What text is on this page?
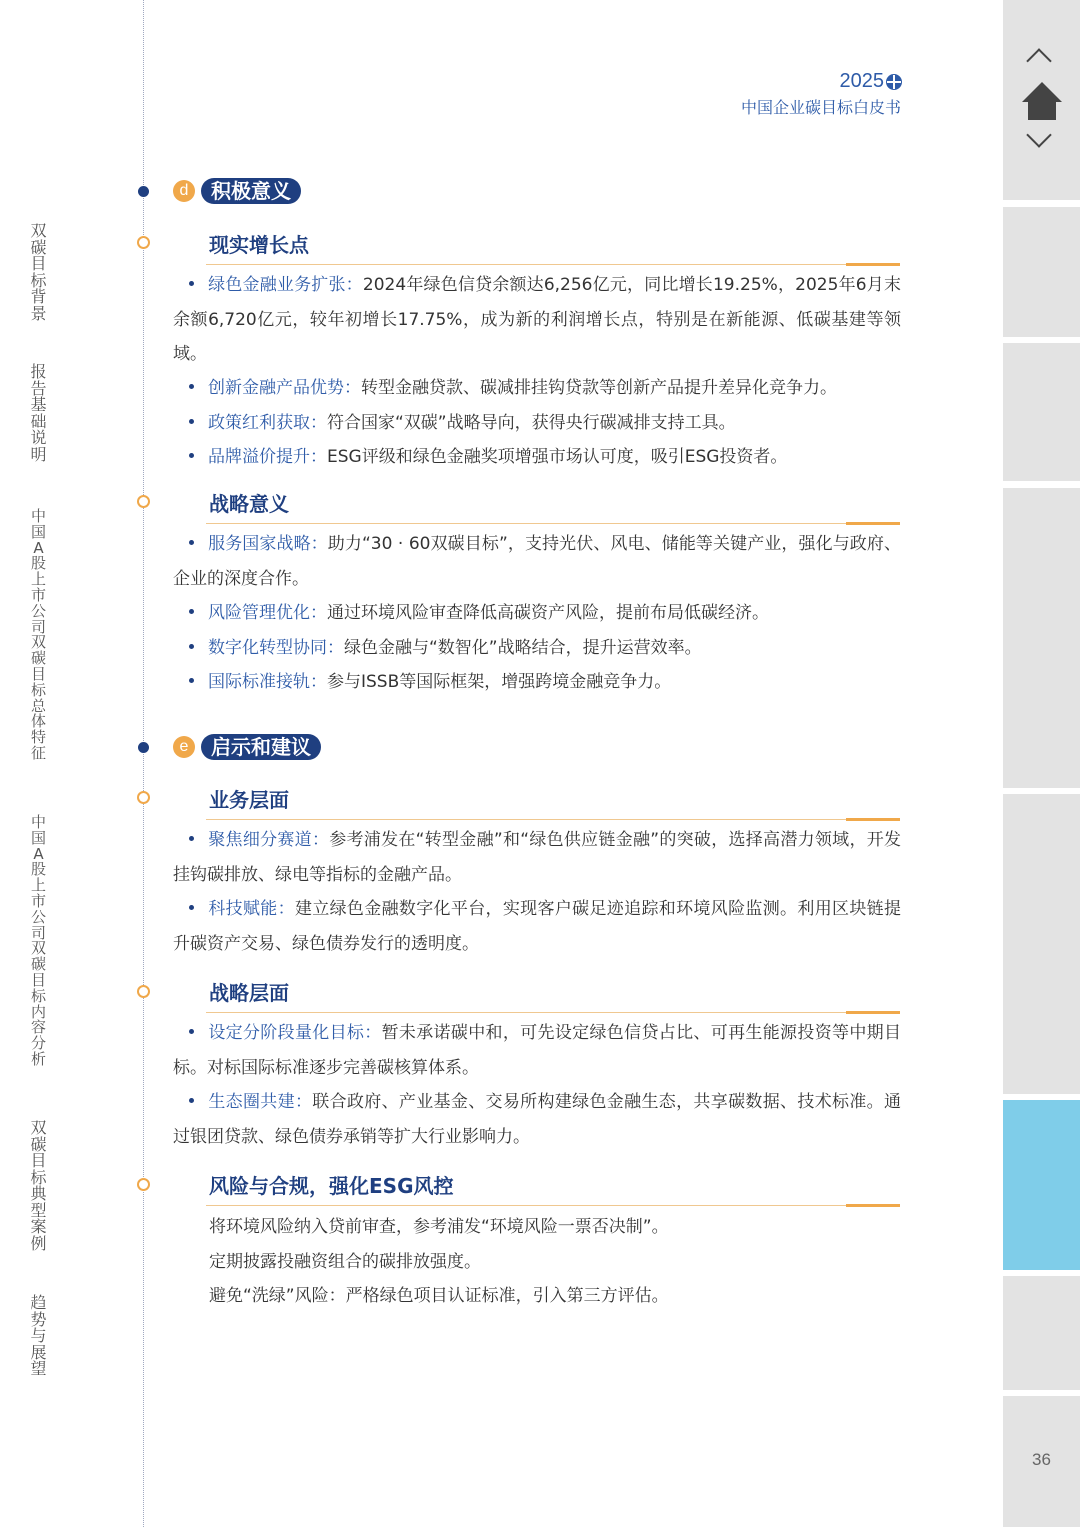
2025
中国企业碳目标白皮书
d	积极意义
现实增长点
绿色金融业务扩张：2024年绿色信贷余额达6,256亿元，同比增长19.25%，2025年6月末余额6,720亿元，较年初增长17.75%，成为新的利润增长点，特别是在新能源、低碳基建等领域。
创新金融产品优势：转型金融贷款、碳减排挂钩贷款等创新产品提升差异化竞争力。
政策红利获取：符合国家“双碳”战略导向，获得央行碳减排支持工具。
品牌溢价提升：ESG评级和绿色金融奖项增强市场认可度，吸引ESG投资者。
战略意义
服务国家战略：助力“30 · 60双碳目标”，支持光伏、风电、储能等关键产业，强化与政府、企业的深度合作。
风险管理优化：通过环境风险审查降低高碳资产风险，提前布局低碳经济。
数字化转型协同：绿色金融与“数智化”战略结合，提升运营效率。
国际标准接轨：参与ISSB等国际框架，增强跨境金融竞争力。
e	启示和建议
业务层面
聚焦细分赛道：参考浦发在“转型金融”和“绿色供应链金融”的突破，选择高潜力领域，开发挂钩碳排放、绿电等指标的金融产品。
科技赋能：建立绿色金融数字化平台，实现客户碳足迹追踪和环境风险监测。利用区块链提升碳资产交易、绿色债券发行的透明度。
战略层面
设定分阶段量化目标：暂未承诺碳中和，可先设定绿色信贷占比、可再生能源投资等中期目标。对标国际标准逐步完善碳核算体系。
生态圈共建：联合政府、产业基金、交易所构建绿色金融生态，共享碳数据、技术标准。通过银团贷款、绿色债券承销等扩大行业影响力。
风险与合规，强化ESG风控
将环境风险纳入贷前审查，参考浦发“环境风险一票否决制”。
定期披露投融资组合的碳排放强度。
避免“洗绿”风险：严格绿色项目认证标准，引入第三方评估。
双
碳
目
标
背
景
报
告
基
础
说
明
中
国
A
股
上
市
公
司
双
碳
目
标
总
体
特
征
中
国
A
股
上
市
公
司
双
碳
目
标
内
容
分
析
双
碳
目
标
典
型
案
例
趋
势
与
展
望
36
